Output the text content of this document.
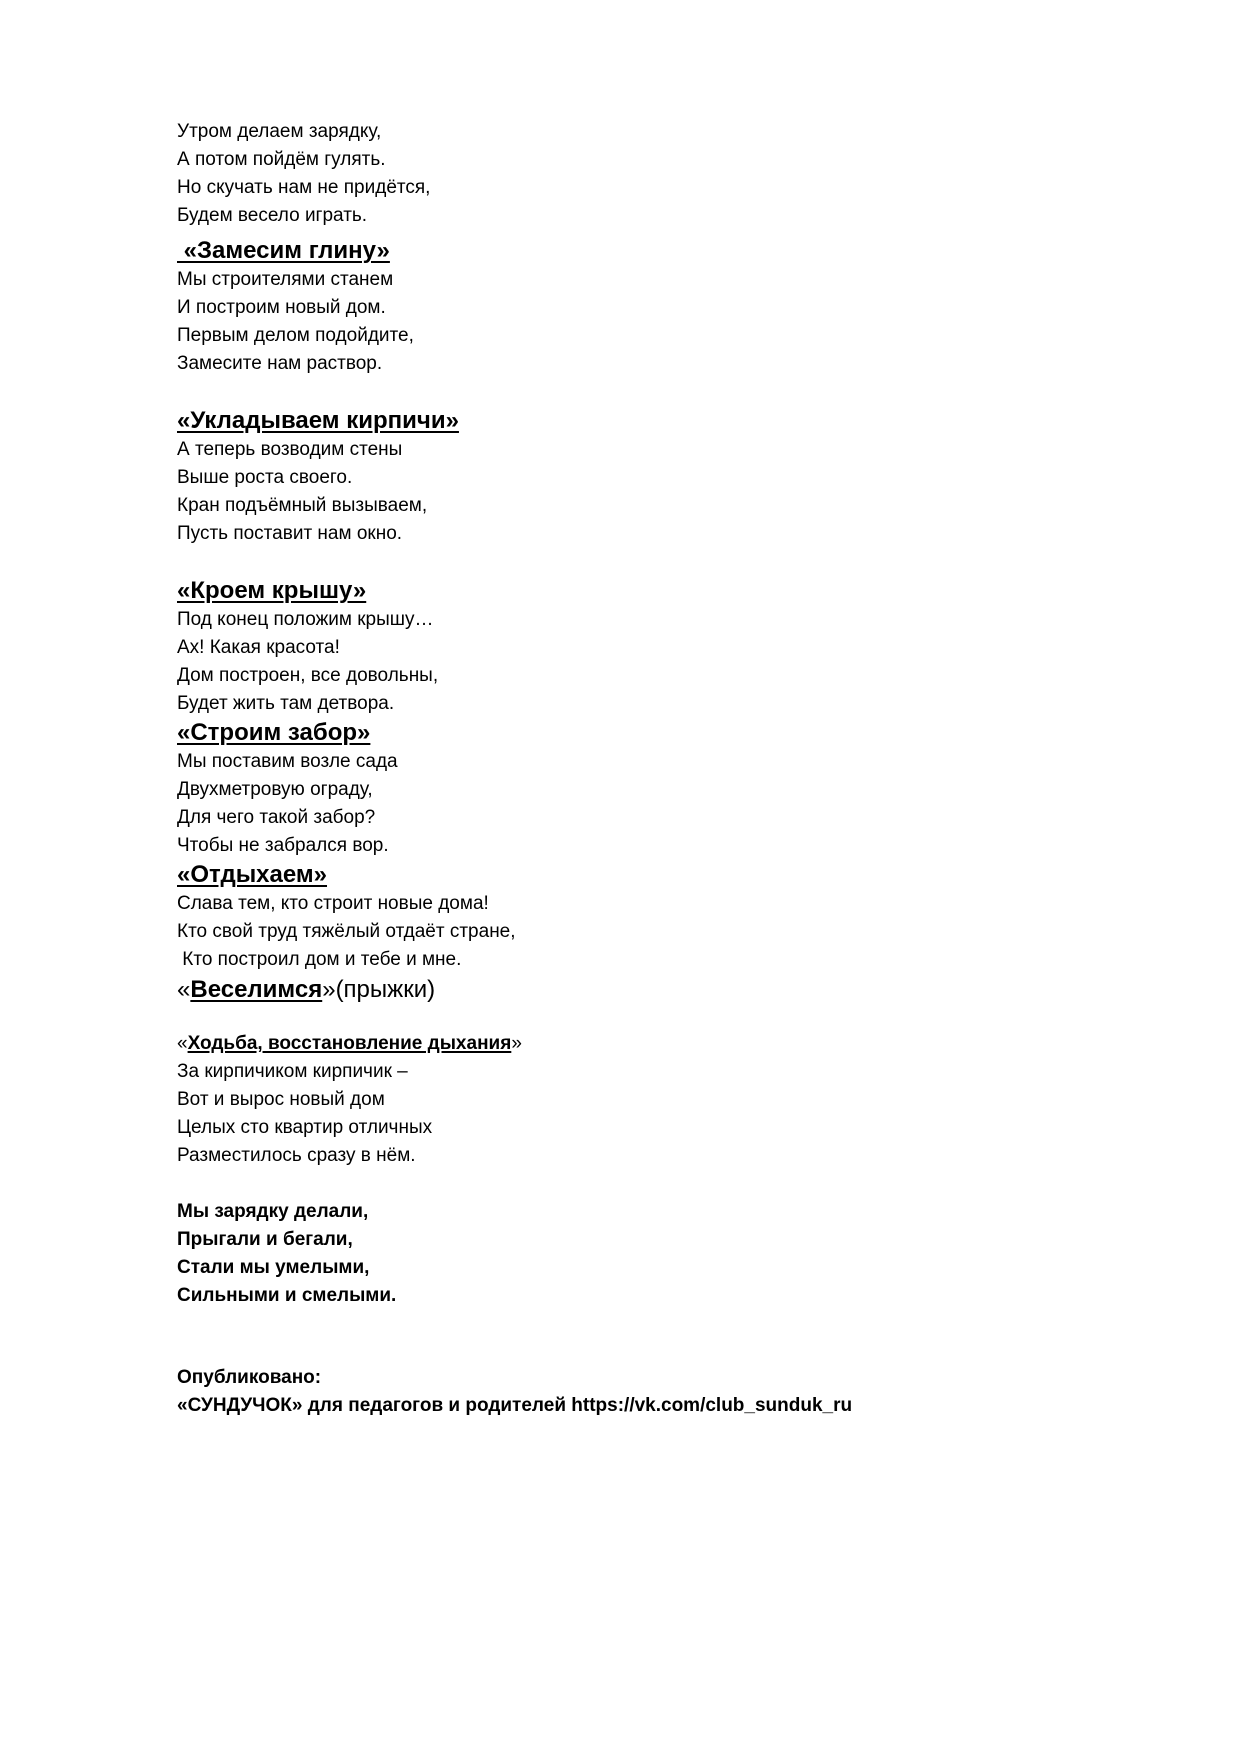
Утром делаем зарядку,
А потом пойдём гулять.
Но скучать нам не придётся,
Будем весело играть.
«Замесим глину»
Мы строителями станем
И построим новый дом.
Первым делом подойдите,
Замесите нам раствор.
«Укладываем кирпичи»
А теперь возводим стены
Выше роста своего.
Кран подъёмный вызываем,
Пусть поставит нам окно.
«Кроем крышу»
Под конец положим крышу…
Ах! Какая красота!
Дом построен, все довольны,
Будет жить там детвора.
«Строим забор»
Мы поставим возле сада
Двухметровую ограду,
Для чего такой забор?
Чтобы не забрался вор.
«Отдыхаем»
Слава тем, кто строит новые дома!
Кто свой труд тяжёлый отдаёт стране,
Кто построил дом и тебе и мне.
«Веселимся»(прыжки)
«Ходьба, восстановление дыхания»
За кирпичиком кирпичик –
Вот и вырос новый дом
Целых сто квартир отличных
Разместилось сразу в нём.
Мы зарядку делали,
Прыгали и бегали,
Стали мы умелыми,
Сильными и смелыми.
Опубликовано:
«СУНДУЧОК» для педагогов и родителей https://vk.com/club_sunduk_ru
